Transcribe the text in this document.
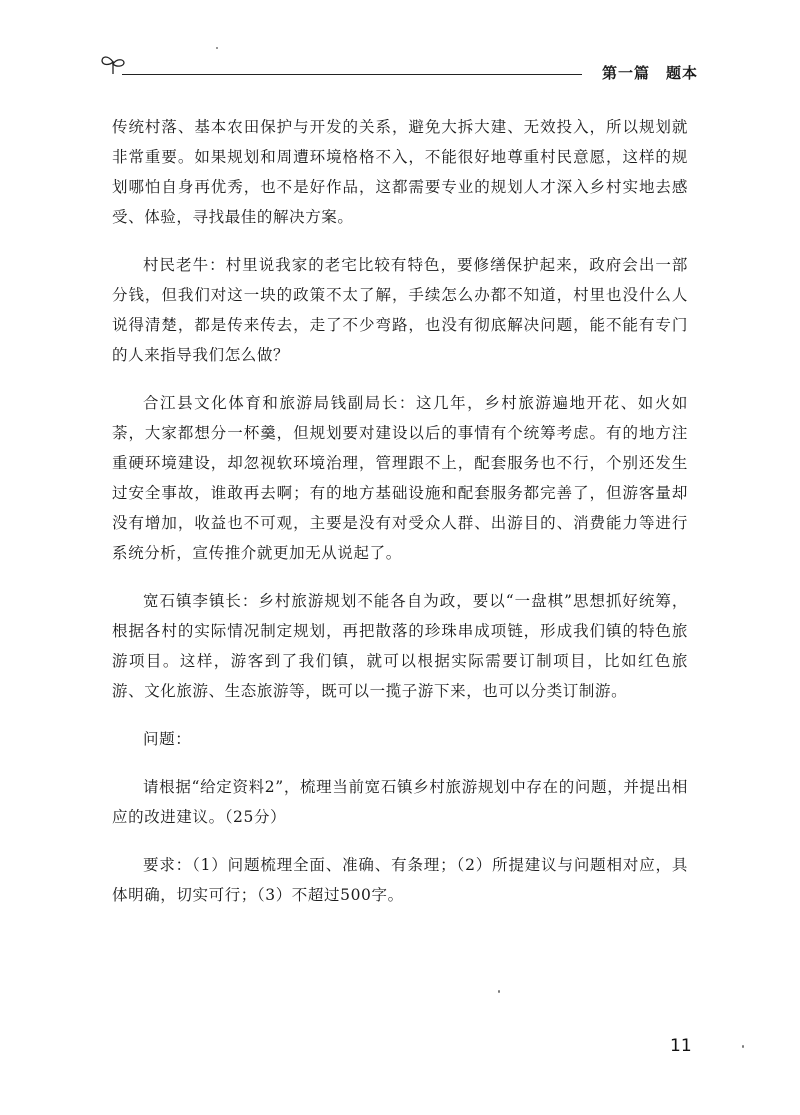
第一篇　题本

传统村落、基本农田保护与开发的关系，避免大拆大建、无效投入，所以规划就非常重要。如果规划和周遭环境格格不入，不能很好地尊重村民意愿，这样的规划哪怕自身再优秀，也不是好作品，这都需要专业的规划人才深入乡村实地去感受、体验，寻找最佳的解决方案。

村民老牛：村里说我家的老宅比较有特色，要修缮保护起来，政府会出一部分钱，但我们对这一块的政策不太了解，手续怎么办都不知道，村里也没什么人说得清楚，都是传来传去，走了不少弯路，也没有彻底解决问题，能不能有专门的人来指导我们怎么做？

合江县文化体育和旅游局钱副局长：这几年，乡村旅游遍地开花、如火如荼，大家都想分一杯羹，但规划要对建设以后的事情有个统筹考虑。有的地方注重硬环境建设，却忽视软环境治理，管理跟不上，配套服务也不行，个别还发生过安全事故，谁敢再去啊；有的地方基础设施和配套服务都完善了，但游客量却没有增加，收益也不可观，主要是没有对受众人群、出游目的、消费能力等进行系统分析，宣传推介就更加无从说起了。

宽石镇李镇长：乡村旅游规划不能各自为政，要以“一盘棋”思想抓好统筹，根据各村的实际情况制定规划，再把散落的珍珠串成项链，形成我们镇的特色旅游项目。这样，游客到了我们镇，就可以根据实际需要订制项目，比如红色旅游、文化旅游、生态旅游等，既可以一揽子游下来，也可以分类订制游。

问题：

请根据“给定资料2”，梳理当前宽石镇乡村旅游规划中存在的问题，并提出相应的改进建议。（25分）

要求：（1）问题梳理全面、准确、有条理；（2）所提建议与问题相对应，具体明确，切实可行；（3）不超过500字。

11
